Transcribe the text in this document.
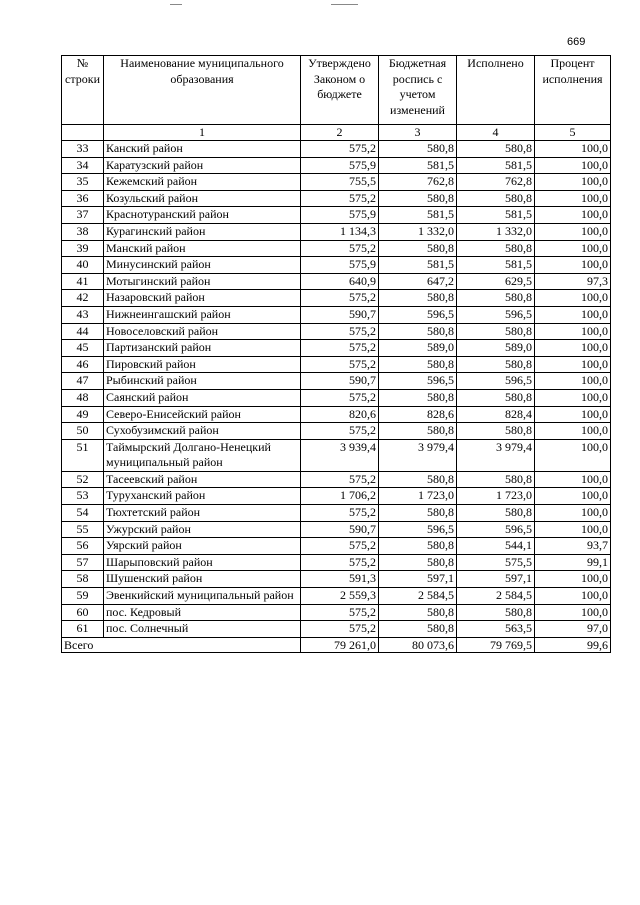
669
№ строки	Наименование муниципального образования	Утверждено Законом о бюджете	Бюджетная роспись с учетом изменений	Исполнено	Процент исполнения
	1	2	3	4	5
33	Канский район	575,2	580,8	580,8	100,0
34	Каратузский район	575,9	581,5	581,5	100,0
35	Кежемский район	755,5	762,8	762,8	100,0
36	Козульский район	575,2	580,8	580,8	100,0
37	Краснотуранский район	575,9	581,5	581,5	100,0
38	Курагинский район	1 134,3	1 332,0	1 332,0	100,0
39	Манский район	575,2	580,8	580,8	100,0
40	Минусинский район	575,9	581,5	581,5	100,0
41	Мотыгинский район	640,9	647,2	629,5	97,3
42	Назаровский район	575,2	580,8	580,8	100,0
43	Нижнеингашский район	590,7	596,5	596,5	100,0
44	Новоселовский район	575,2	580,8	580,8	100,0
45	Партизанский район	575,2	589,0	589,0	100,0
46	Пировский район	575,2	580,8	580,8	100,0
47	Рыбинский район	590,7	596,5	596,5	100,0
48	Саянский район	575,2	580,8	580,8	100,0
49	Северо-Енисейский район	820,6	828,6	828,4	100,0
50	Сухобузимский район	575,2	580,8	580,8	100,0
51	Таймырский Долгано-Ненецкий муниципальный район	3 939,4	3 979,4	3 979,4	100,0
52	Тасеевский район	575,2	580,8	580,8	100,0
53	Туруханский район	1 706,2	1 723,0	1 723,0	100,0
54	Тюхтетский район	575,2	580,8	580,8	100,0
55	Ужурский район	590,7	596,5	596,5	100,0
56	Уярский район	575,2	580,8	544,1	93,7
57	Шарыповский район	575,2	580,8	575,5	99,1
58	Шушенский район	591,3	597,1	597,1	100,0
59	Эвенкийский муниципальный район	2 559,3	2 584,5	2 584,5	100,0
60	пос. Кедровый	575,2	580,8	580,8	100,0
61	пос. Солнечный	575,2	580,8	563,5	97,0
Всего		79 261,0	80 073,6	79 769,5	99,6
